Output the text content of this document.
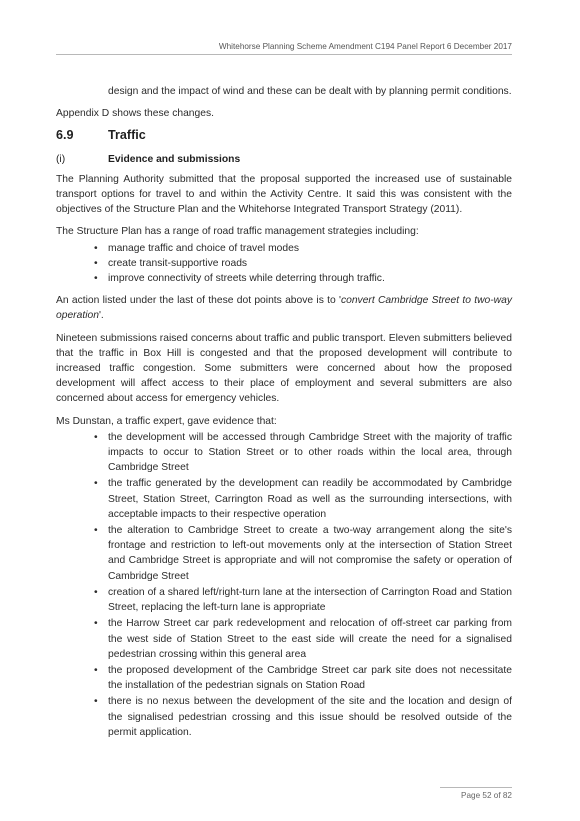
Whitehorse Planning Scheme Amendment C194 Panel Report 6 December 2017

design and the impact of wind and these can be dealt with by planning permit conditions.

Appendix D shows these changes.

6.9	Traffic
(i)	Evidence and submissions

The Planning Authority submitted that the proposal supported the increased use of sustainable transport options for travel to and within the Activity Centre. It said this was consistent with the objectives of the Structure Plan and the Whitehorse Integrated Transport Strategy (2011).

The Structure Plan has a range of road traffic management strategies including:

• manage traffic and choice of travel modes
• create transit-supportive roads
• improve connectivity of streets while deterring through traffic.

An action listed under the last of these dot points above is to 'convert Cambridge Street to two-way operation'.

Nineteen submissions raised concerns about traffic and public transport. Eleven submitters believed that the traffic in Box Hill is congested and that the proposed development will contribute to increased traffic congestion. Some submitters were concerned about how the proposed development will affect access to their place of employment and several submitters are also concerned about access for emergency vehicles.

Ms Dunstan, a traffic expert, gave evidence that:

• the development will be accessed through Cambridge Street with the majority of traffic impacts to occur to Station Street or to other roads within the local area, through Cambridge Street
• the traffic generated by the development can readily be accommodated by Cambridge Street, Station Street, Carrington Road as well as the surrounding intersections, with acceptable impacts to their respective operation
• the alteration to Cambridge Street to create a two-way arrangement along the site's frontage and restriction to left-out movements only at the intersection of Station Street and Cambridge Street is appropriate and will not compromise the safety or operation of Cambridge Street
• creation of a shared left/right-turn lane at the intersection of Carrington Road and Station Street, replacing the left-turn lane is appropriate
• the Harrow Street car park redevelopment and relocation of off-street car parking from the west side of Station Street to the east side will create the need for a signalised pedestrian crossing within this general area
• the proposed development of the Cambridge Street car park site does not necessitate the installation of the pedestrian signals on Station Road
• there is no nexus between the development of the site and the location and design of the signalised pedestrian crossing and this issue should be resolved outside of the permit application.
Page 52 of 82
